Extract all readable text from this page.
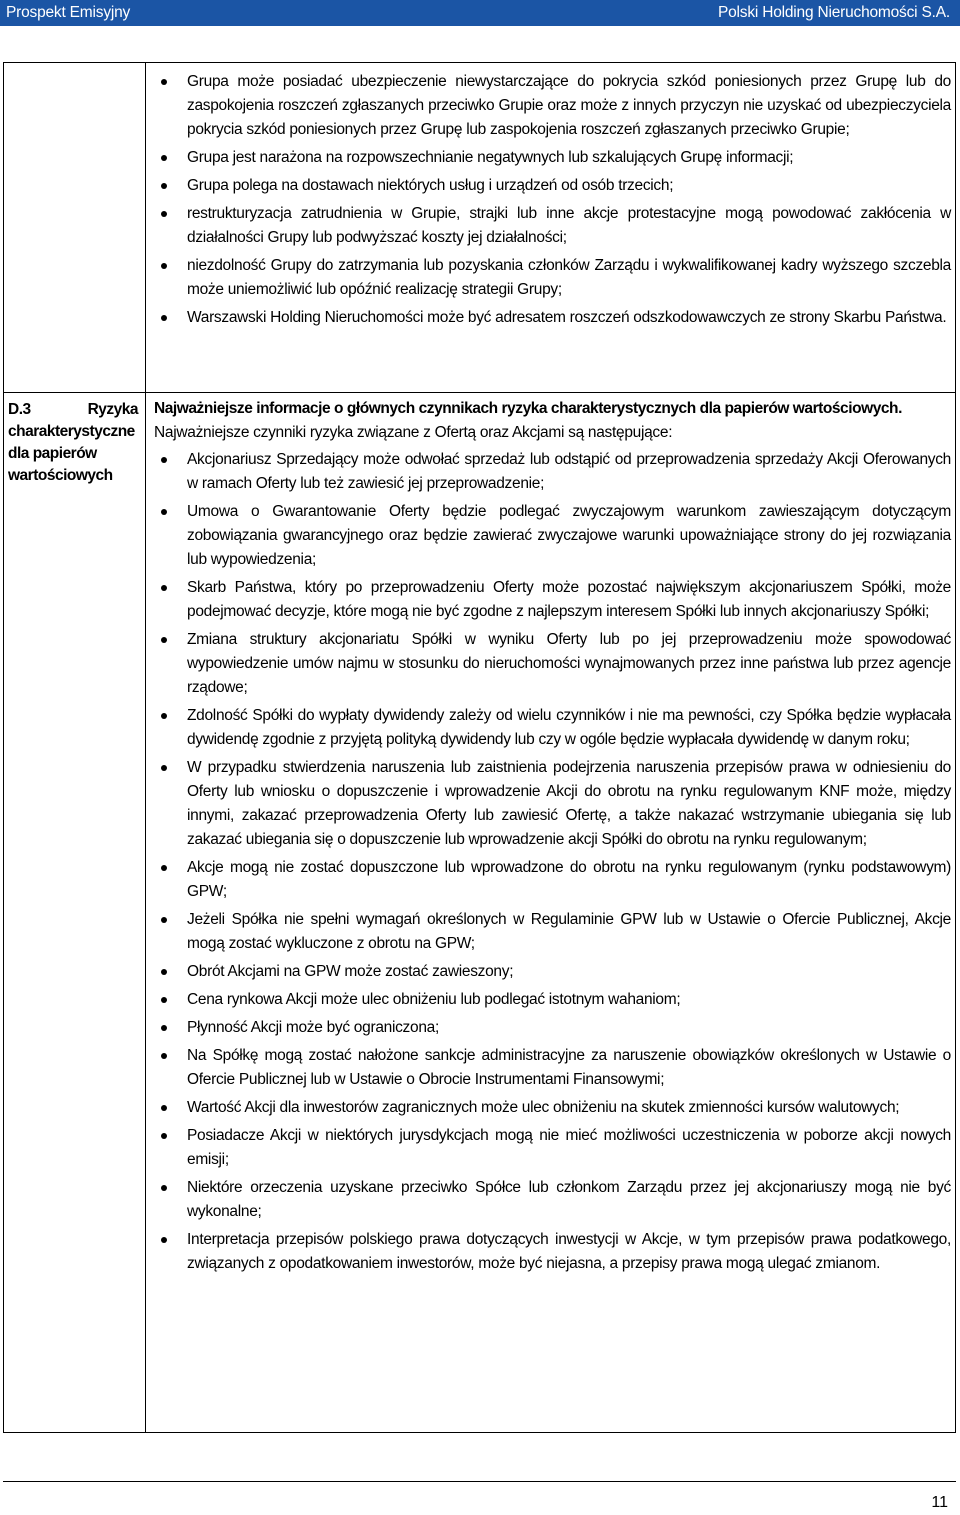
Prospekt Emisyjny	Polski Holding Nieruchomości S.A.
D.3	Ryzyka
charakterystyczne dla papierów wartościowych
Grupa może posiadać ubezpieczenie niewystarczające do pokrycia szkód poniesionych przez Grupę lub do zaspokojenia roszczeń zgłaszanych przeciwko Grupie oraz może z innych przyczyn nie uzyskać od ubezpieczyciela pokrycia szkód poniesionych przez Grupę lub zaspokojenia roszczeń zgłaszanych przeciwko Grupie;
Grupa jest narażona na rozpowszechnianie negatywnych lub szkalujących Grupę informacji;
Grupa polega na dostawach niektórych usług i urządzeń od osób trzecich;
restrukturyzacja zatrudnienia w Grupie, strajki lub inne akcje protestacyjne mogą powodować zakłócenia w działalności Grupy lub podwyższać koszty jej działalności;
niezdolność Grupy do zatrzymania lub pozyskania członków Zarządu i wykwalifikowanej kadry wyższego szczebla może uniemożliwić lub opóźnić realizację strategii Grupy;
Warszawski Holding Nieruchomości może być adresatem roszczeń odszkodowawczych ze strony Skarbu Państwa.
Najważniejsze informacje o głównych czynnikach ryzyka charakterystycznych dla papierów wartościowych.
Najważniejsze czynniki ryzyka związane z Ofertą oraz Akcjami są następujące:
Akcjonariusz Sprzedający może odwołać sprzedaż lub odstąpić od przeprowadzenia sprzedaży Akcji Oferowanych w ramach Oferty lub też zawiesić jej przeprowadzenie;
Umowa o Gwarantowanie Oferty będzie podlegać zwyczajowym warunkom zawieszającym dotyczącym zobowiązania gwarancyjnego oraz będzie zawierać zwyczajowe warunki upoważniające strony do jej rozwiązania lub wypowiedzenia;
Skarb Państwa, który po przeprowadzeniu Oferty może pozostać największym akcjonariuszem Spółki, może podejmować decyzje, które mogą nie być zgodne z najlepszym interesem Spółki lub innych akcjonariuszy Spółki;
Zmiana struktury akcjonariatu Spółki w wyniku Oferty lub po jej przeprowadzeniu może spowodować wypowiedzenie umów najmu w stosunku do nieruchomości wynajmowanych przez inne państwa lub przez agencje rządowe;
Zdolność Spółki do wypłaty dywidendy zależy od wielu czynników i nie ma pewności, czy Spółka będzie wypłacała dywidendę zgodnie z przyjętą polityką dywidendy lub czy w ogóle będzie wypłacała dywidendę w danym roku;
W przypadku stwierdzenia naruszenia lub zaistnienia podejrzenia naruszenia przepisów prawa w odniesieniu do Oferty lub wniosku o dopuszczenie i wprowadzenie Akcji do obrotu na rynku regulowanym KNF może, między innymi, zakazać przeprowadzenia Oferty lub zawiesić Ofertę, a także nakazać wstrzymanie ubiegania się lub zakazać ubiegania się o dopuszczenie lub wprowadzenie akcji Spółki do obrotu na rynku regulowanym;
Akcje mogą nie zostać dopuszczone lub wprowadzone do obrotu na rynku regulowanym (rynku podstawowym) GPW;
Jeżeli Spółka nie spełni wymagań określonych w Regulaminie GPW lub w Ustawie o Ofercie Publicznej, Akcje mogą zostać wykluczone z obrotu na GPW;
Obrót Akcjami na GPW może zostać zawieszony;
Cena rynkowa Akcji może ulec obniżeniu lub podlegać istotnym wahaniom;
Płynność Akcji może być ograniczona;
Na Spółkę mogą zostać nałożone sankcje administracyjne za naruszenie obowiązków określonych w Ustawie o Ofercie Publicznej lub w Ustawie o Obrocie Instrumentami Finansowymi;
Wartość Akcji dla inwestorów zagranicznych może ulec obniżeniu na skutek zmienności kursów walutowych;
Posiadacze Akcji w niektórych jurysdykcjach mogą nie mieć możliwości uczestniczenia w poborze akcji nowych emisji;
Niektóre orzeczenia uzyskane przeciwko Spółce lub członkom Zarządu przez jej akcjonariuszy mogą nie być wykonalne;
Interpretacja przepisów polskiego prawa dotyczących inwestycji w Akcje, w tym przepisów prawa podatkowego, związanych z opodatkowaniem inwestorów, może być niejasna, a przepisy prawa mogą ulegać zmianom.
11
